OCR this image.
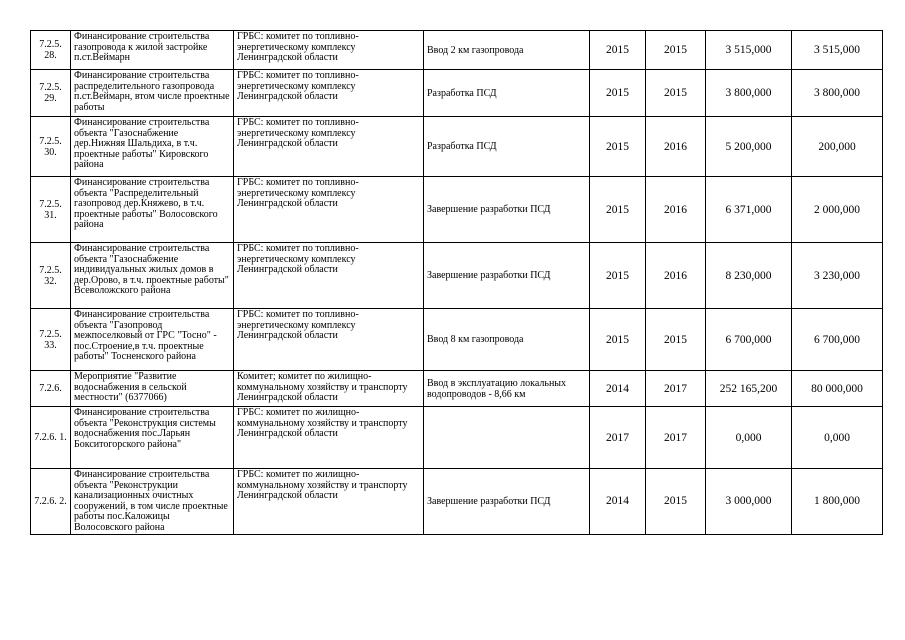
7.2.5. 28.	Финансирование строительства газопровода к жилой застройке п.ст.Веймарн	ГРБС: комитет по топливно-энергетическому комплексу Ленинградской области	Ввод 2 км газопровода	2015	2015	3 515,000	3 515,000
7.2.5. 29.	Финансирование строительства распределительного газопровода п.ст.Веймарн, втом числе проектные работы	ГРБС: комитет по топливно-энергетическому комплексу Ленинградской области	Разработка ПСД	2015	2015	3 800,000	3 800,000
7.2.5. 30.	Финансирование строительства объекта "Газоснабжение дер.Нижняя Шальдиха, в т.ч. проектные работы" Кировского района	ГРБС: комитет по топливно-энергетическому комплексу Ленинградской области	Разработка ПСД	2015	2016	5 200,000	200,000
7.2.5. 31.	Финансирование строительства объекта "Распределительный газопровод дер.Княжево, в т.ч. проектные работы" Волосовского района	ГРБС: комитет по топливно-энергетическому комплексу Ленинградской области	Завершение разработки ПСД	2015	2016	6 371,000	2 000,000
7.2.5. 32.	Финансирование строительства объекта "Газоснабжение индивидуальных жилых домов в дер.Орово, в т.ч. проектные работы" Всеволожского района	ГРБС: комитет по топливно-энергетическому комплексу Ленинградской области	Завершение разработки ПСД	2015	2016	8 230,000	3 230,000
7.2.5. 33.	Финансирование строительства объекта "Газопровод межпоселковый от ГРС "Тосно" - пос.Строение,в т.ч. проектные работы" Тосненского района	ГРБС: комитет по топливно-энергетическому комплексу Ленинградской области	Ввод 8 км газопровода	2015	2015	6 700,000	6 700,000
7.2.6.	Мероприятие "Развитие водоснабжения в сельской местности" (6377066)	Комитет; комитет по жилищно-коммунальному хозяйству и транспорту Ленинградской области	Ввод в эксплуатацию локальных водопроводов - 8,66 км	2014	2017	252 165,200	80 000,000
7.2.6. 1.	Финансирование строительства объекта "Реконструкция системы водоснабжения пос.Ларьян Бокситогорского района"	ГРБС: комитет по жилищно-коммунальному хозяйству и транспорту Ленинградской области		2017	2017	0,000	0,000
7.2.6. 2.	Финансирование строительства объекта "Реконструкции канализационных очистных сооружений, в том числе проектные работы пос.Каложицы Волосовского района	ГРБС: комитет по жилищно-коммунальному хозяйству и транспорту Ленинградской области	Завершение разработки ПСД	2014	2015	3 000,000	1 800,000
